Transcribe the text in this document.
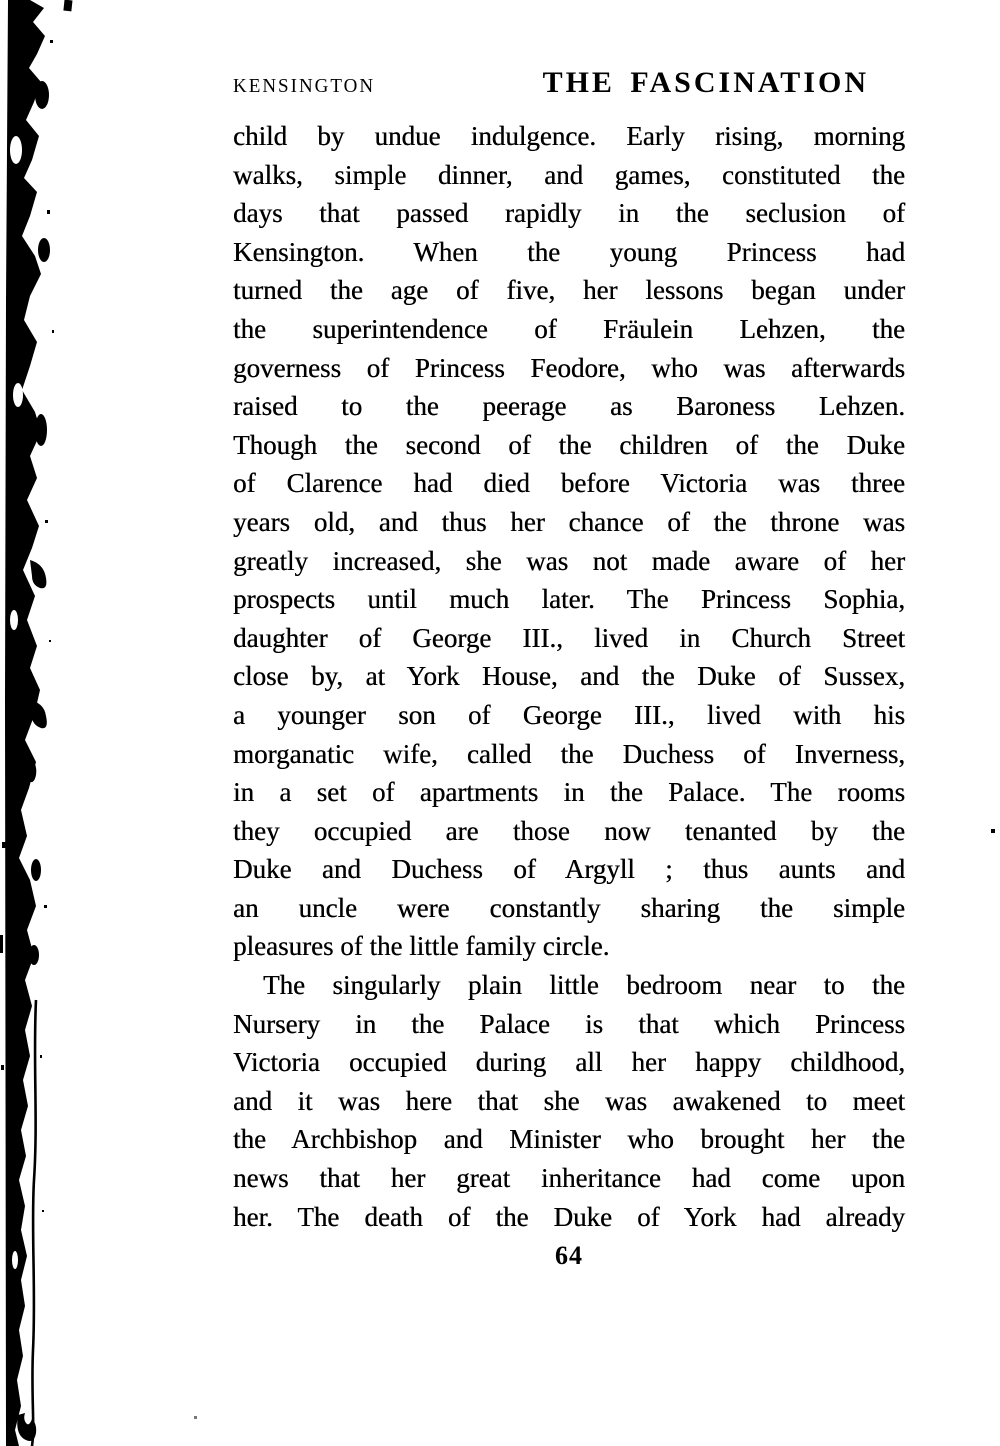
KENSINGTON	THE FASCINATION
child by undue indulgence. Early rising, morning
walks, simple dinner, and games, constituted the
days that passed rapidly in the seclusion of
Kensington. When the young Princess had
turned the age of five, her lessons began under
the superintendence of Fräulein Lehzen, the
governess of Princess Feodore, who was afterwards
raised to the peerage as Baroness Lehzen.
Though the second of the children of the Duke
of Clarence had died before Victoria was three
years old, and thus her chance of the throne was
greatly increased, she was not made aware of her
prospects until much later. The Princess Sophia,
daughter of George III., lived in Church Street
close by, at York House, and the Duke of Sussex,
a younger son of George III., lived with his
morganatic wife, called the Duchess of Inverness,
in a set of apartments in the Palace. The rooms
they occupied are those now tenanted by the
Duke and Duchess of Argyll ; thus aunts and
an uncle were constantly sharing the simple
pleasures of the little family circle.
The singularly plain little bedroom near to the
Nursery in the Palace is that which Princess
Victoria occupied during all her happy childhood,
and it was here that she was awakened to meet
the Archbishop and Minister who brought her the
news that her great inheritance had come upon
her. The death of the Duke of York had already
64
